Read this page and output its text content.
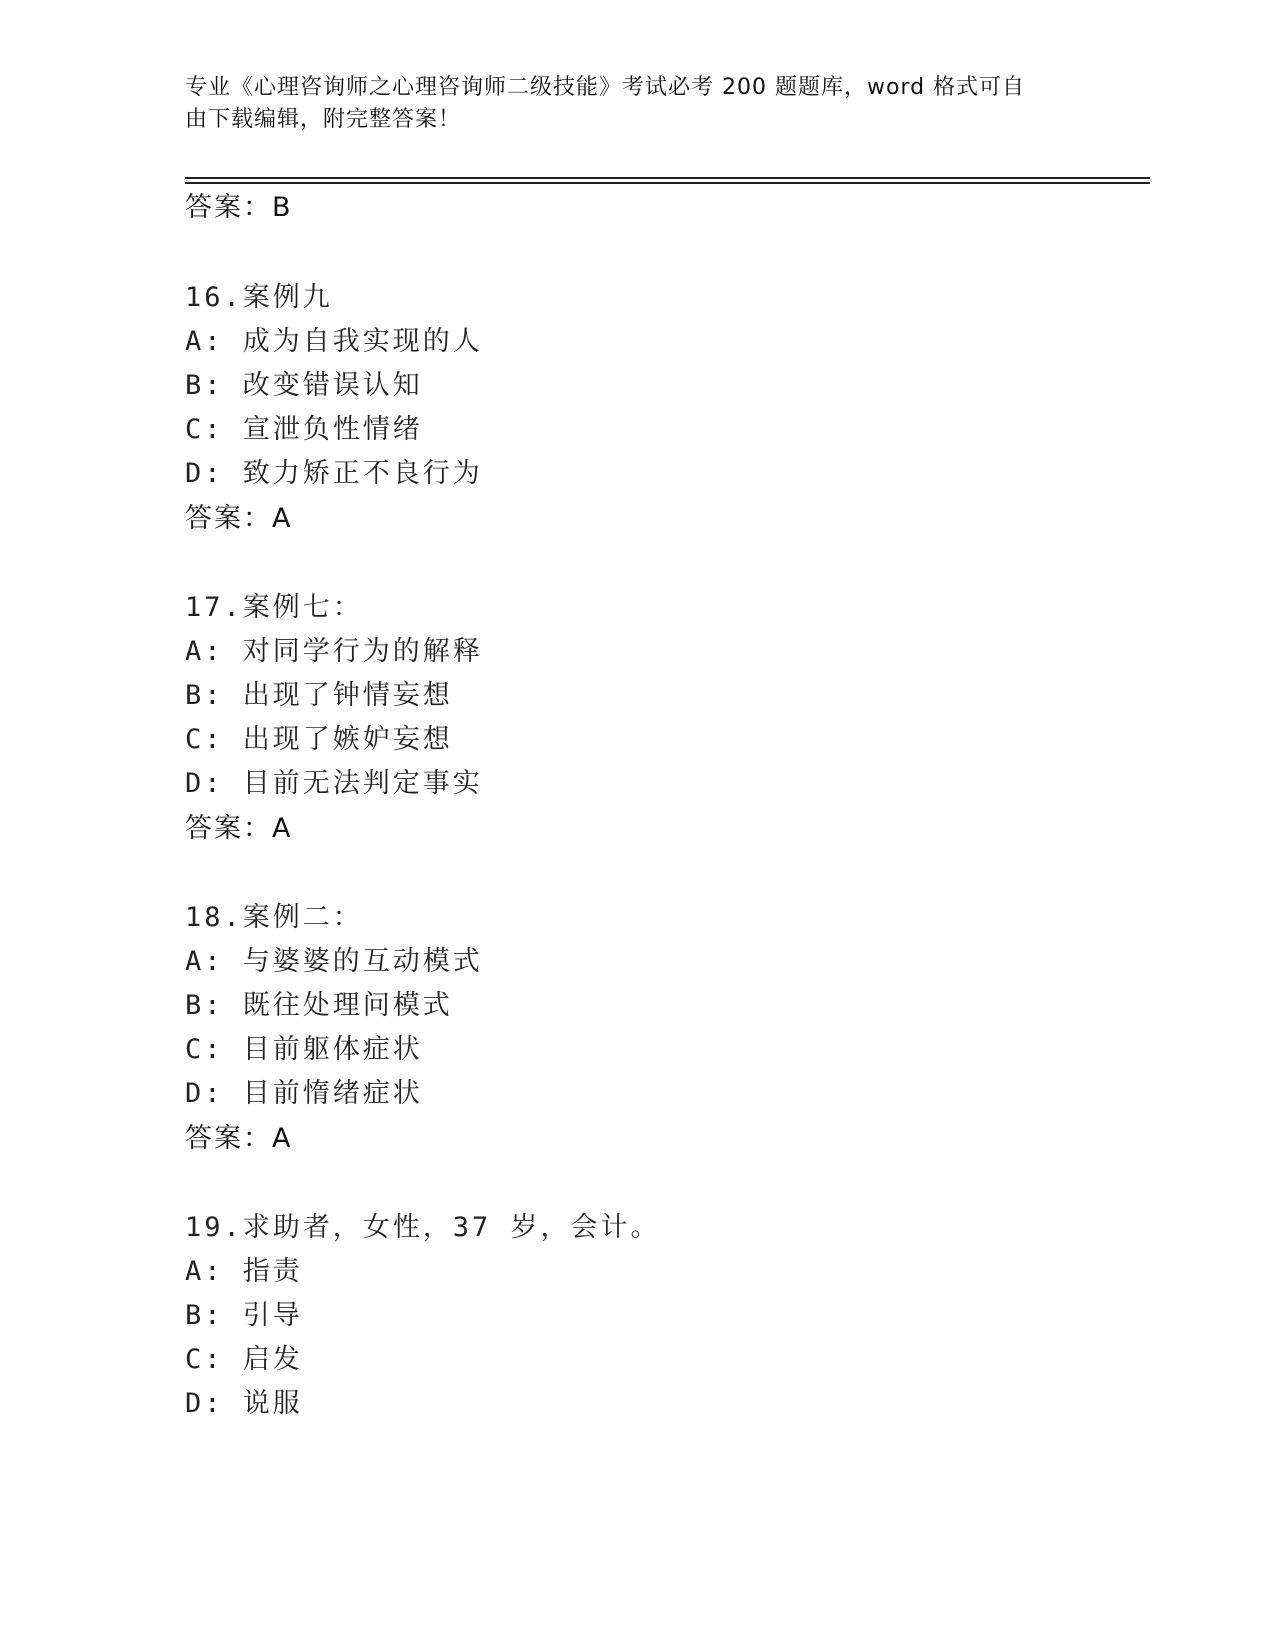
专业《心理咨询师之心理咨询师二级技能》考试必考 200 题题库，word 格式可自
由下载编辑，附完整答案！
答案：B
16.案例九
A: 成为自我实现的人
B: 改变错误认知
C: 宣泄负性情绪
D: 致力矫正不良行为
答案：A
17.案例七：
A: 对同学行为的解释
B: 出现了钟情妄想
C: 出现了嫉妒妄想
D: 目前无法判定事实
答案：A
18.案例二：
A: 与婆婆的互动模式
B: 既往处理问模式
C: 目前躯体症状
D: 目前惰绪症状
答案：A
19.求助者，女性，37 岁，会计。
A: 指责
B: 引导
C: 启发
D: 说服
